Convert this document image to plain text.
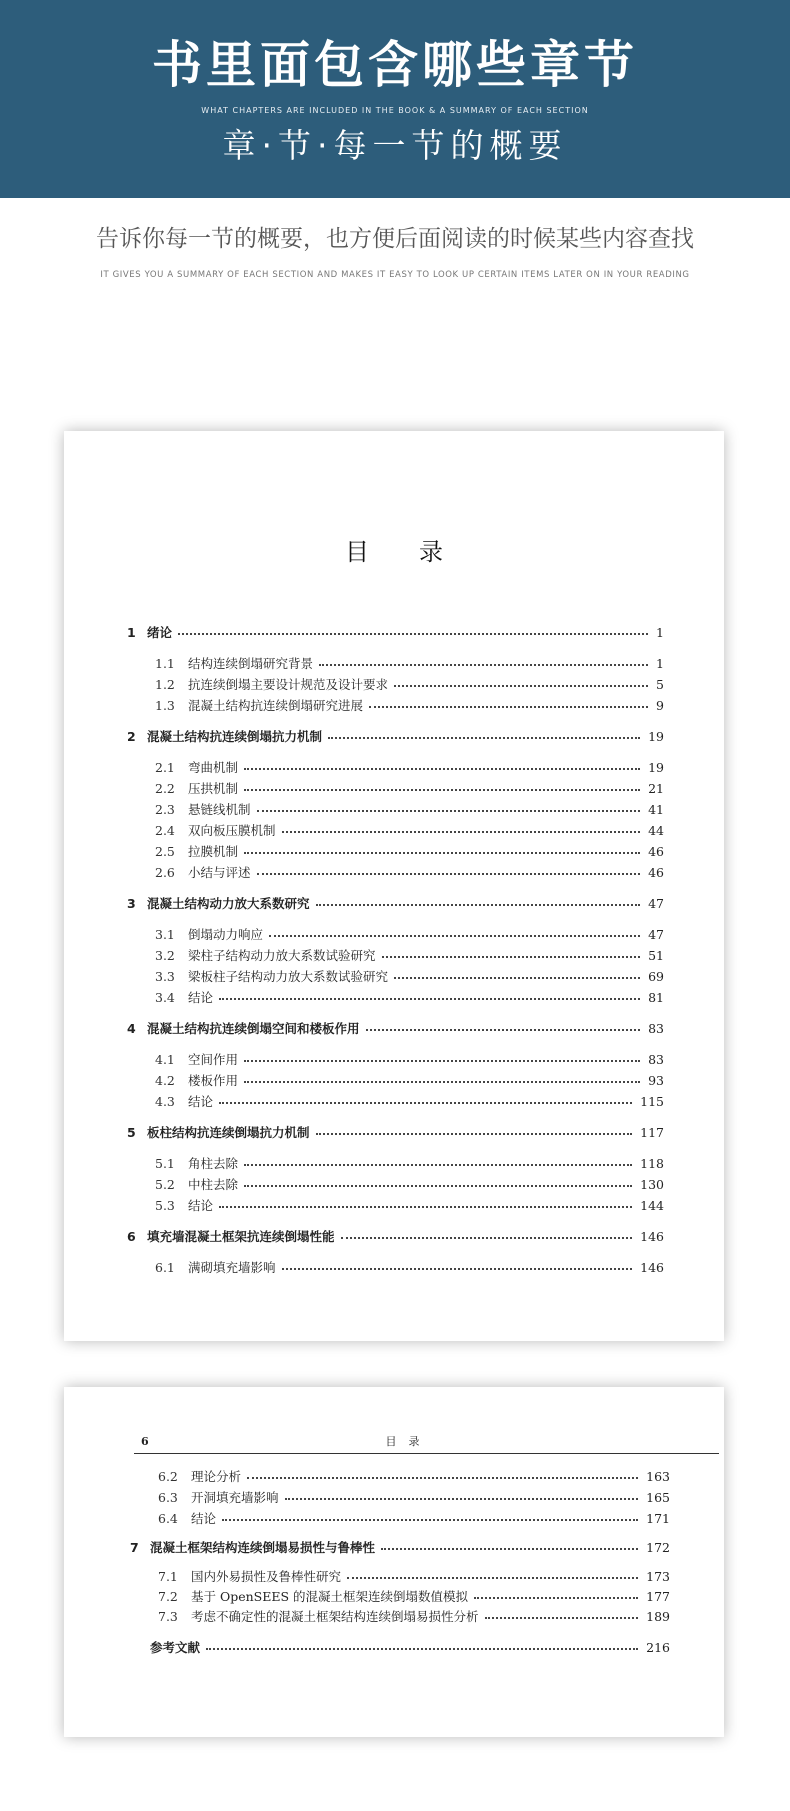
书里面包含哪些章节
WHAT CHAPTERS ARE INCLUDED IN THE BOOK & A SUMMARY OF EACH SECTION
章·节·每一节的概要
告诉你每一节的概要，也方便后面阅读的时候某些内容查找
IT GIVES YOU A SUMMARY OF EACH SECTION AND MAKES IT EASY TO LOOK UP CERTAIN ITEMS LATER ON IN YOUR READING
目录
1 绪论	1
1.1	结构连续倒塌研究背景	1
1.2	抗连续倒塌主要设计规范及设计要求	5
1.3	混凝土结构抗连续倒塌研究进展	9
2 混凝土结构抗连续倒塌抗力机制	19
2.1	弯曲机制	19
2.2	压拱机制	21
2.3	悬链线机制	41
2.4	双向板压膜机制	44
2.5	拉膜机制	46
2.6	小结与评述	46
3 混凝土结构动力放大系数研究	47
3.1	倒塌动力响应	47
3.2	梁柱子结构动力放大系数试验研究	51
3.3	梁板柱子结构动力放大系数试验研究	69
3.4	结论	81
4 混凝土结构抗连续倒塌空间和楼板作用	83
4.1	空间作用	83
4.2	楼板作用	93
4.3	结论	115
5 板柱结构抗连续倒塌抗力机制	117
5.1	角柱去除	118
5.2	中柱去除	130
5.3	结论	144
6 填充墙混凝土框架抗连续倒塌性能	146
6.1	满砌填充墙影响	146
6	目录
6.2	理论分析	163
6.3	开洞填充墙影响	165
6.4	结论	171
7 混凝土框架结构连续倒塌易损性与鲁棒性	172
7.1	国内外易损性及鲁棒性研究	173
7.2	基于 OpenSEES 的混凝土框架连续倒塌数值模拟	177
7.3	考虑不确定性的混凝土框架结构连续倒塌易损性分析	189
参考文献	216
